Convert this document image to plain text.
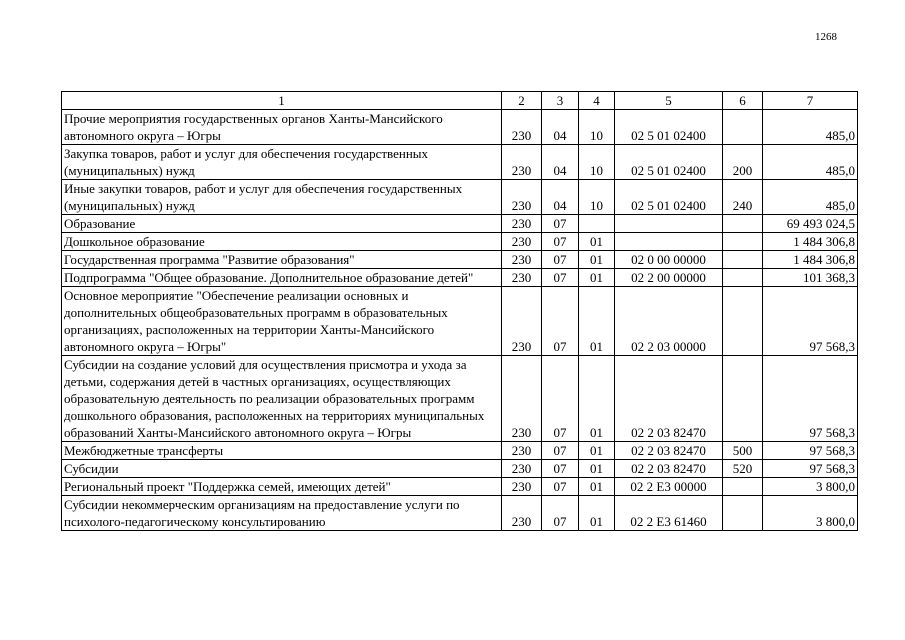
1268
1	2	3	4	5	6	7
Прочие мероприятия государственных органов Ханты-Мансийского автономного округа – Югры	230	04	10	02 5 01 02400		485,0
Закупка товаров, работ и услуг для обеспечения государственных (муниципальных) нужд	230	04	10	02 5 01 02400	200	485,0
Иные закупки товаров, работ и услуг для обеспечения государственных (муниципальных) нужд	230	04	10	02 5 01 02400	240	485,0
Образование	230	07				69 493 024,5
Дошкольное образование	230	07	01			1 484 306,8
Государственная программа "Развитие образования"	230	07	01	02 0 00 00000		1 484 306,8
Подпрограмма "Общее образование. Дополнительное образование детей"	230	07	01	02 2 00 00000		101 368,3
Основное мероприятие "Обеспечение реализации основных и дополнительных общеобразовательных программ в образовательных организациях, расположенных на территории Ханты-Мансийского автономного округа – Югры"	230	07	01	02 2 03 00000		97 568,3
Субсидии на создание условий для осуществления присмотра и ухода за детьми, содержания детей в частных организациях, осуществляющих образовательную деятельность по реализации образовательных программ дошкольного образования, расположенных на территориях муниципальных образований Ханты-Мансийского автономного округа – Югры	230	07	01	02 2 03 82470		97 568,3
Межбюджетные трансферты	230	07	01	02 2 03 82470	500	97 568,3
Субсидии	230	07	01	02 2 03 82470	520	97 568,3
Региональный проект "Поддержка семей, имеющих детей"	230	07	01	02 2 E3 00000		3 800,0
Субсидии некоммерческим организациям на предоставление услуги по психолого-педагогическому консультированию	230	07	01	02 2 E3 61460		3 800,0
